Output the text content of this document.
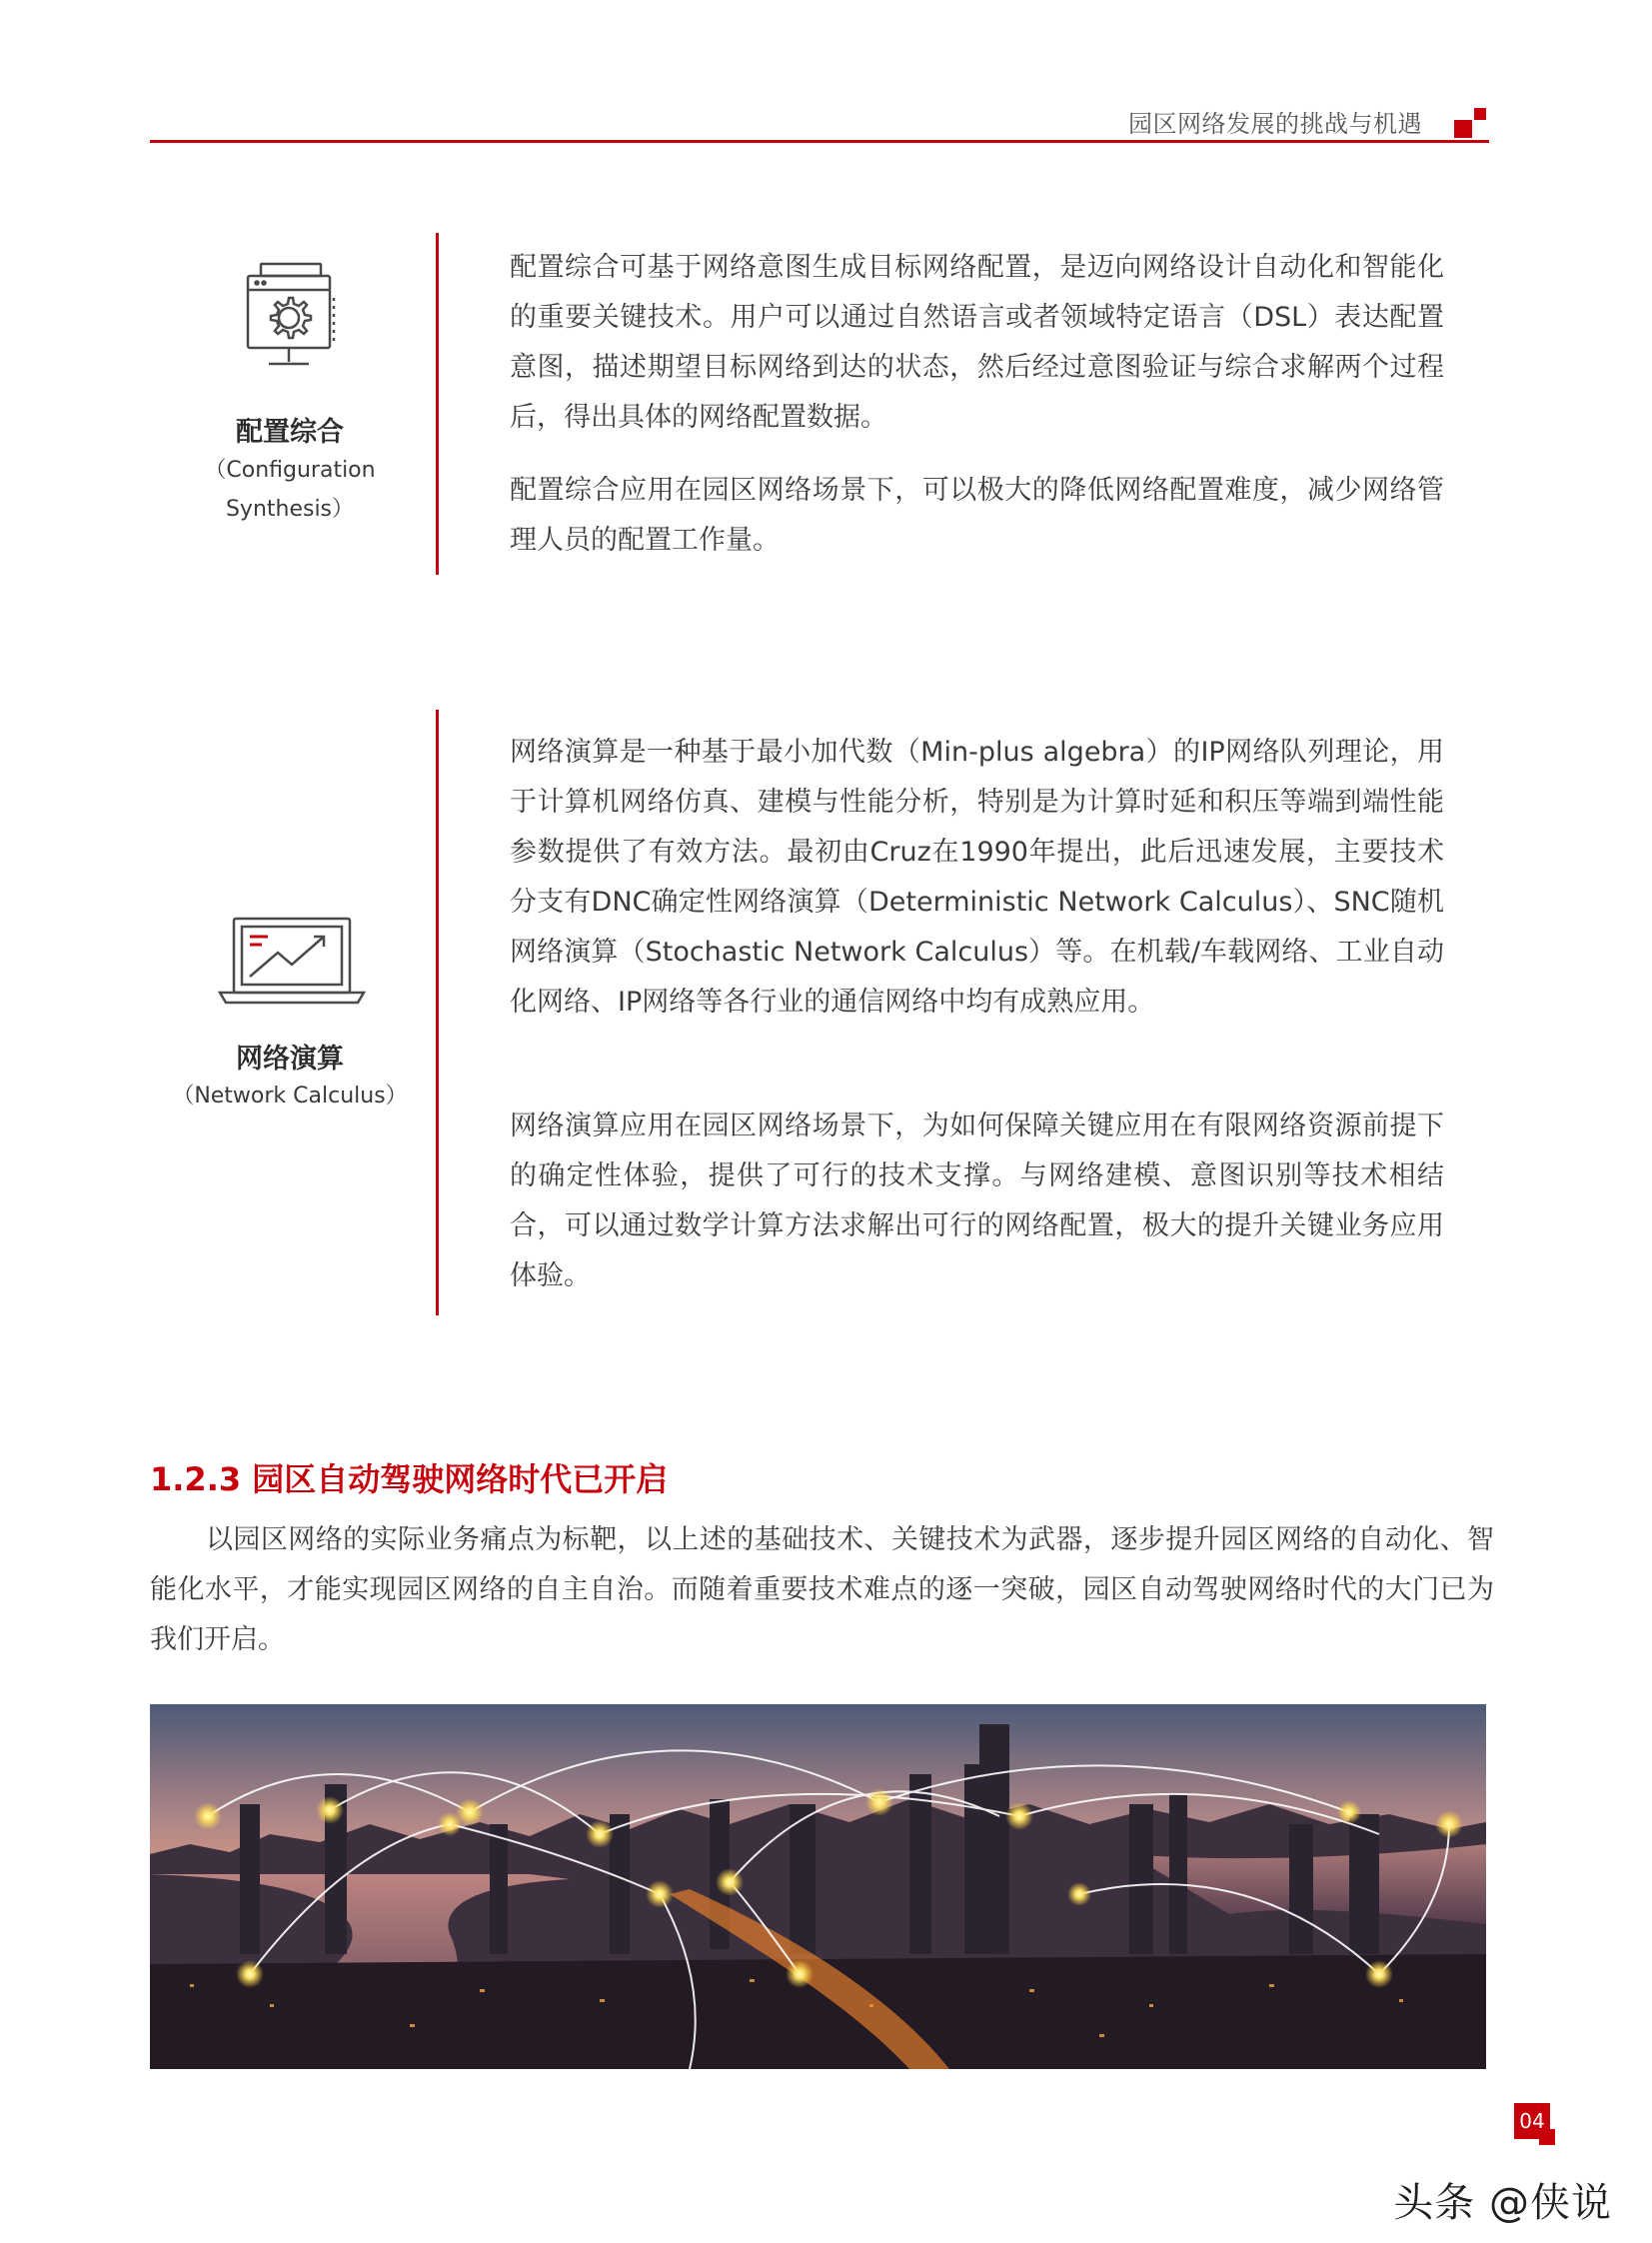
园区网络发展的挑战与机遇
配置综合
（Configuration
Synthesis）

配置综合可基于网络意图生成目标网络配置，是迈向网络设计自动化和智能化的重要关键技术。用户可以通过自然语言或者领域特定语言（DSL）表达配置意图，描述期望目标网络到达的状态，然后经过意图验证与综合求解两个过程后，得出具体的网络配置数据。

配置综合应用在园区网络场景下，可以极大的降低网络配置难度，减少网络管理人员的配置工作量。

网络演算
（Network Calculus）

网络演算是一种基于最小加代数（Min-plus algebra）的IP网络队列理论，用于计算机网络仿真、建模与性能分析，特别是为计算时延和积压等端到端性能参数提供了有效方法。最初由Cruz在1990年提出，此后迅速发展，主要技术分支有DNC确定性网络演算（Deterministic Network Calculus）、SNC随机网络演算（Stochastic Network Calculus）等。在机载/车载网络、工业自动化网络、IP网络等各行业的通信网络中均有成熟应用。

网络演算应用在园区网络场景下，为如何保障关键应用在有限网络资源前提下的确定性体验，提供了可行的技术支撑。与网络建模、意图识别等技术相结合，可以通过数学计算方法求解出可行的网络配置，极大的提升关键业务应用体验。

1.2.3 园区自动驾驶网络时代已开启

以园区网络的实际业务痛点为标靶，以上述的基础技术、关键技术为武器，逐步提升园区网络的自动化、智能化水平，才能实现园区网络的自主自治。而随着重要技术难点的逐一突破，园区自动驾驶网络时代的大门已为我们开启。

04
头条 @侠说
